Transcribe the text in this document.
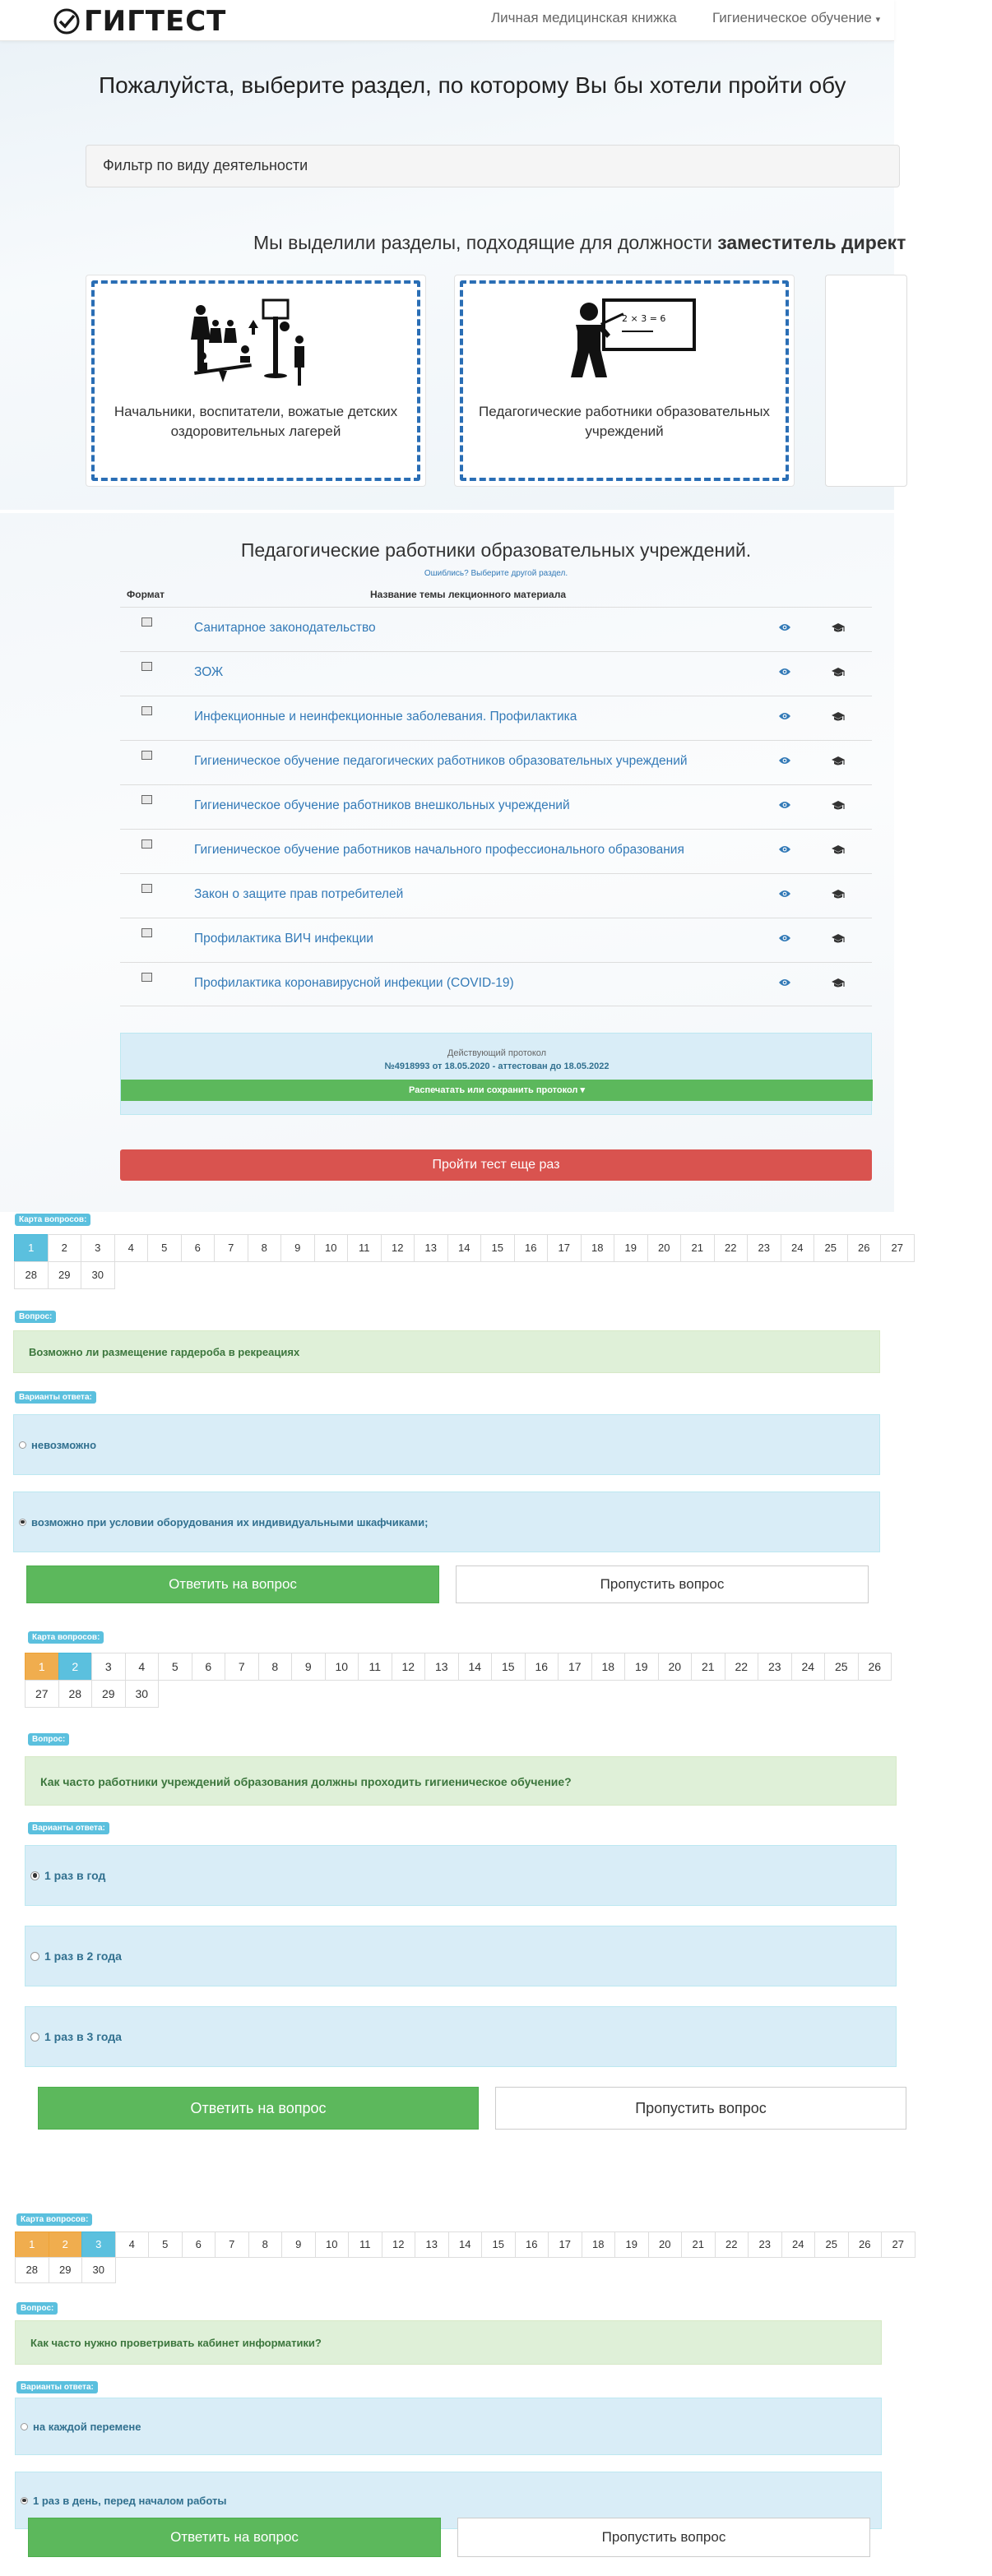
ГИГТЕСТ	Личная медицинская книжка	Гигиеническое обучение ▾
Пожалуйста, выберите раздел, по которому Вы бы хотели пройти обу
Фильтр по виду деятельности
Мы выделили разделы, подходящие для должности заместитель директ
Начальники, воспитатели, вожатые детских оздоровительных лагерей
2 × 3 = 6
Педагогические работники образовательных учреждений
Педагогические работники образовательных учреждений.
Ошиблись? Выберите другой раздел.
Формат	Название темы лекционного материала
Санитарное законодательство
ЗОЖ
Инфекционные и неинфекционные заболевания. Профилактика
Гигиеническое обучение педагогических работников образовательных учреждений
Гигиеническое обучение работников внешкольных учреждений
Гигиеническое обучение работников начального профессионального образования
Закон о защите прав потребителей
Профилактика ВИЧ инфекции
Профилактика коронавирусной инфекции (COVID-19)
Действующий протокол
№4918993 от 18.05.2020 - аттестован до 18.05.2022
Распечатать или сохранить протокол ▾
Пройти тест еще раз
Карта вопросов:
1	2	3	4	5	6	7	8	9	10	11	12	13	14	15	16	17	18	19	20	21	22	23	24	25	26	27
28	29	30
Вопрос:
Возможно ли размещение гардероба в рекреациях
Варианты ответа:
невозможно
возможно при условии оборудования их индивидуальными шкафчиками;
Ответить на вопрос	Пропустить вопрос
Карта вопросов:
1	2	3	4	5	6	7	8	9	10	11	12	13	14	15	16	17	18	19	20	21	22	23	24	25	26
27	28	29	30
Вопрос:
Как часто работники учреждений образования должны проходить гигиеническое обучение?
Варианты ответа:
1 раз в год
1 раз в 2 года
1 раз в 3 года
Ответить на вопрос	Пропустить вопрос
Карта вопросов:
1	2	3	4	5	6	7	8	9	10	11	12	13	14	15	16	17	18	19	20	21	22	23	24	25	26	27
28	29	30
Вопрос:
Как часто нужно проветривать кабинет информатики?
Варианты ответа:
на каждой перемене
1 раз в день, перед началом работы
Ответить на вопрос	Пропустить вопрос
